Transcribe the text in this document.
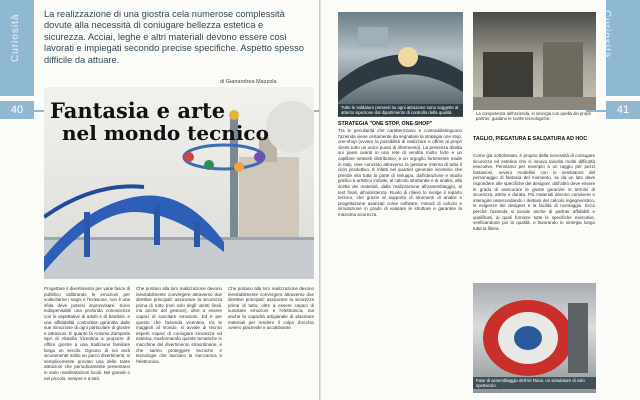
Curiosità
40
La realizzazione di una giostra cela numerose complessità dovute alla necessità di coniugare bellezza estetica e sicurezza. Acciai, leghe e altri materiali devono essere così lavorati e impiegati secondo precise specifiche. Aspetto spesso difficile da attuare.
di Gianandrea Mazzola
Fantasia e arte
nel mondo tecnico

Progettare il divertimento per varie fasce di pubblico calibrando le emozioni per sollecitarne i sogni e l'evasione, non è una sfida deve potersi improvvisare. Sono indispensabili una profonda conoscenza con le aspettative di adulti e di bambini, e una affidabilità costruttiva garantita dalle sue minuziose di ogni particolare di giostre e attrazioni. È quanto fa Antonio Zamperla SpA di Altavilla Vicentina a proporre di offrire giostre a una tradizione familiare lunga un secolo. Ognuno di noi avrà sicuramente salito un parco divertimenti, si semplicemente provato una delle tante attrazioni che periodicamente presentano in varie manifestazioni locali. Nel grande o nel piccolo, sempre e a tutti.

Che portano alla loro realizzazione devono inevitabilmente convergere attraverso due direttive principali: assicurare la sicurezza prima di tutto (non solo degli utenti finali, ma anche del gestore), oltre a essere capaci di suscitare emozioni. Ed è per questo che l'azienda vicentina, tra le maggiori al mondo, si avvale di tecnici esperti capaci di coniugare sicurezza ed estetica, trasformando queste tematiche in macchine del divertimento straordinarie, e che sanno proteggere tecniche e tecnologie che lasciano la meccanica e l'elettronica.

Che portano alla loro realizzazione devono inevitabilmente convergere attraverso due direttive principali: assicurare la sicurezza prima di tutto, oltre a essere capaci di suscitare emozioni e l'elettronica, ma anche la capacità artigianale di plasmare materiali per rendere il colpo d'occhio ovvero piacevole e accattivante.

Curiosità
41
Tutte le saldature presenti su ogni attrazione sono soggette al attento ispezione dal dipartimento di controllo della qualità.	La competenza dell'azienda, in sinergia con quella dei propri partner, guidano le scelte tecnologiche.
STRATEGIA "ONE STOP, ONE-SHOP"

Tra le peculiarità che caratterizzano e contraddistinguono l'azienda viene certamente da segnalare la strategia one stop, one-shop (ovvero la possibilità di realizzare e offrire ai propri clienti tutto un unico punto di riferimento). La presenza diretta sui paesi avanti in una rete di vendita molto forte e un capillare network distributivo, e un orgoglio fortemente made in Italy, rese concreto attraverso la gestione interna di tutto il ciclo produttivo. È infatti nel quartier generale vicentino che prende vita tutta la parte di sviluppo, dall'ideazione e studio grafico e artistico iniziale, al calcolo strutturale e di analisi, alla scelta dei materiali, dalla realizzazione all'assemblaggio, ai test finali, all'assistenza. Ruolo di rilievo lo svolge il reparto tecnico, che grazie al supporto di strumenti di analisi e progettazione avanzati come software, metodi di calcolo e simulazione in grado di valutare le strutture e garantire la massima sicurezza.

TAGLIO, PIEGATURA E SALDATURA AD HOC

Come già sottolineato, è proprio della necessità di coniugare sicurezza ed estetica che si innova talvolta molte difficoltà esecutive. Pensiamo per esempio a un raggio per pezzi fantasiosi, ovvero modellini con le sembianze del personaggio di fantasia del momento, se da un lato deve rispondere alle specifiche del designer, dall'altro deve essere in grado di assicurare le giuste garanzie in termini di sicurezza, attrito e durata. Più materiali devono convivere e interagire assecondando i dettami del calcolo ingegneristico, le esigenze del designer e la facilità di montaggio. Ecco perché l'azienda si avvale anche di partner affidabili e qualificati, ai quali fornisce tutte le specifiche esecutive, verificandone poi la qualità, e lavorando in sinergia lungo tutta la filiera.

Fase di assemblaggio dell'Air Race, un simulatore di volo spettacolo.
